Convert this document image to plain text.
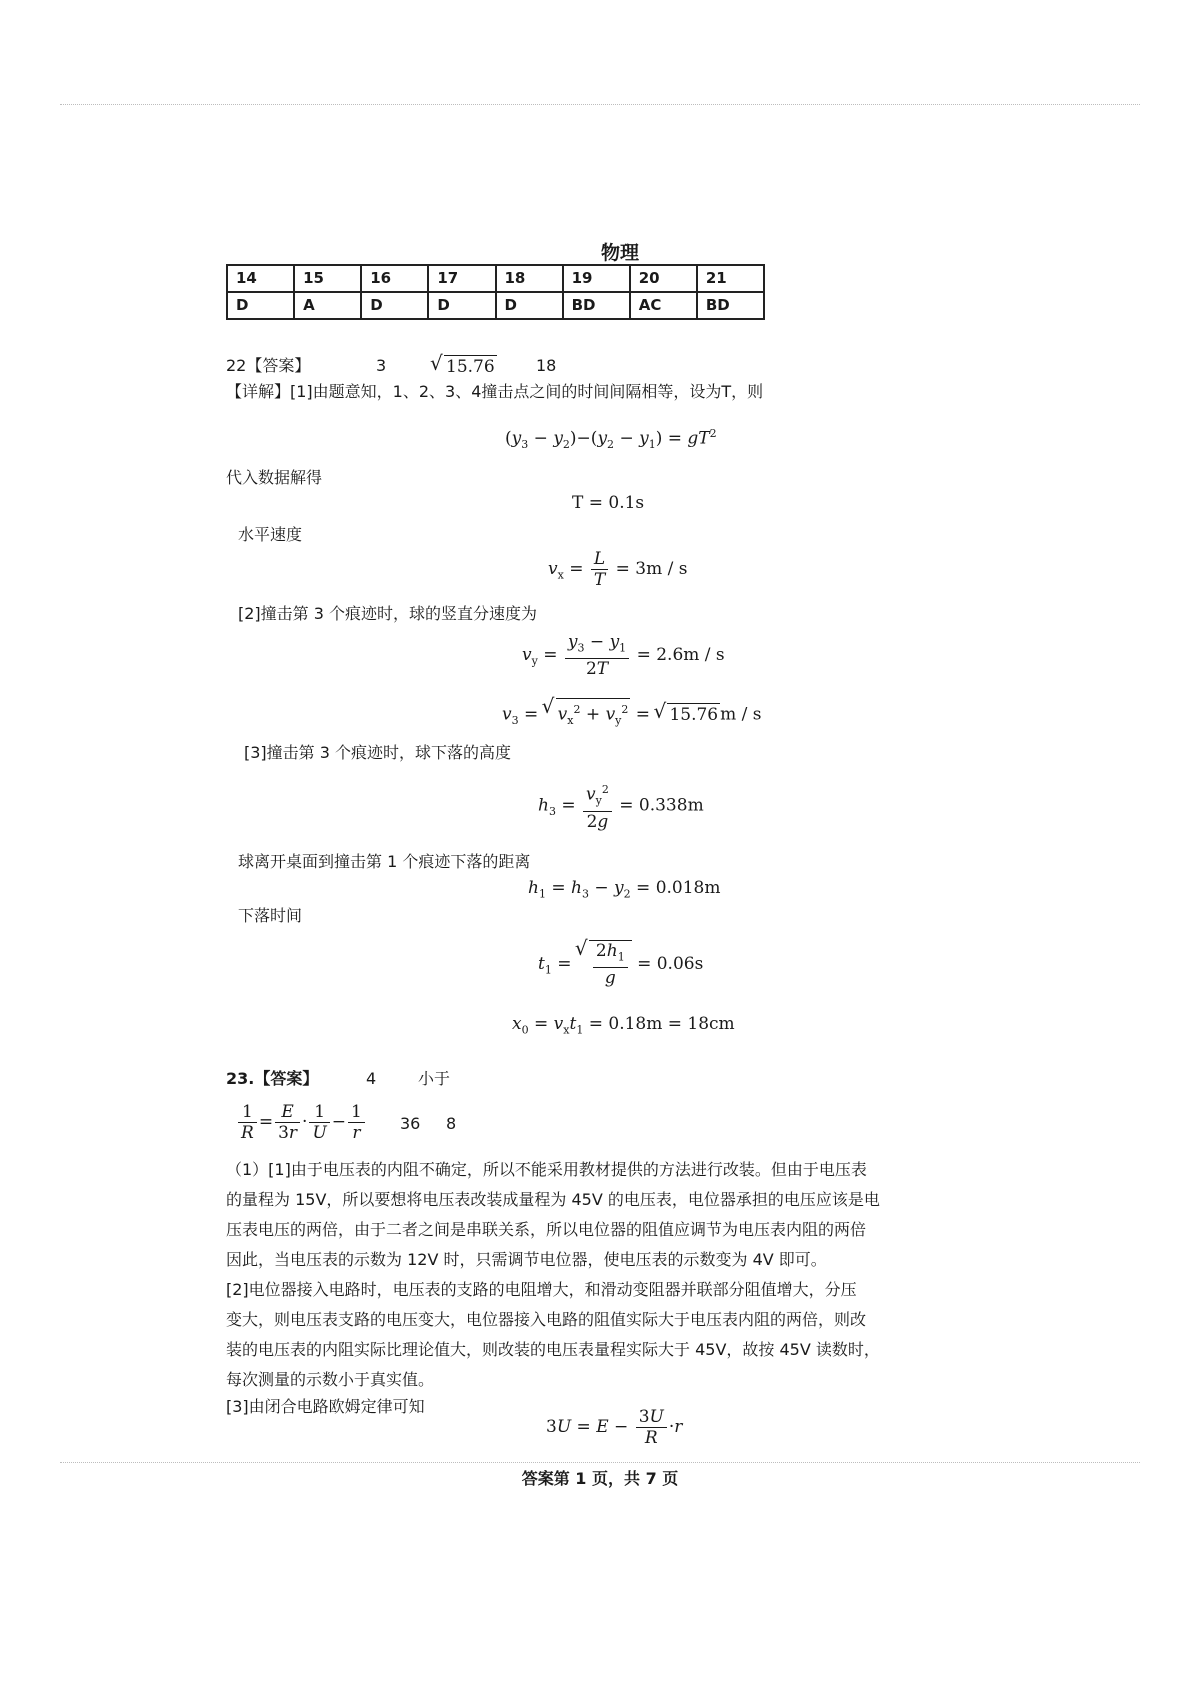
物理
14	15	16	17	18	19	20	21
D	A	D	D	D	BD	AC	BD
22【答案】	3	√ 15.76	18
【详解】[1]由题意知，1、2、3、4撞击点之间的时间间隔相等，设为T，则
$(y_3 - y_2)-(y_2 - y_1) = gT^2$
代入数据解得
T = 0.1s
水平速度
$v_x = \frac{L}{T} = 3m / s$
[2]撞击第 3 个痕迹时，球的竖直分速度为
$v_y = \frac{y_3 - y_1}{2T} = 2.6m / s$
$v_3$ = √ $v_x^2 + v_y^2$ = √ 15.76 m / s
[3]撞击第 3 个痕迹时，球下落的高度
$h_3 = \frac{v_y^2}{2g} = 0.338m$
球离开桌面到撞击第 1 个痕迹下落的距离
$h_1 = h_3 - y_2 = 0.018m$
下落时间
$t_1$ = √ $\frac{2h_1}{g} = 0.06s$
$x_0 = v_xt_1 = 0.18m = 18cm$
23.【答案】	4	小于
$\frac{1}{R} = \frac{E}{3r} \cdot \frac{1}{U} - \frac{1}{r} 36$ 8
（1）[1]由于电压表的内阻不确定，所以不能采用教材提供的方法进行改装。但由于电压表
的量程为 15V，所以要想将电压表改装成量程为 45V 的电压表，电位器承担的电压应该是电
压表电压的两倍，由于二者之间是串联关系，所以电位器的阻值应调节为电压表内阻的两倍
因此，当电压表的示数为 12V 时，只需调节电位器，使电压表的示数变为 4V 即可。
[2]电位器接入电路时，电压表的支路的电阻增大，和滑动变阻器并联部分阻值增大，分压
变大，则电压表支路的电压变大，电位器接入电路的阻值实际大于电压表内阻的两倍，则改
装的电压表的内阻实际比理论值大，则改装的电压表量程实际大于 45V，故按 45V 读数时，
每次测量的示数小于真实值。
[3]由闭合电路欧姆定律可知
$3U = E - \frac{3U}{R} \cdot r$
答案第 1 页，共 7 页
